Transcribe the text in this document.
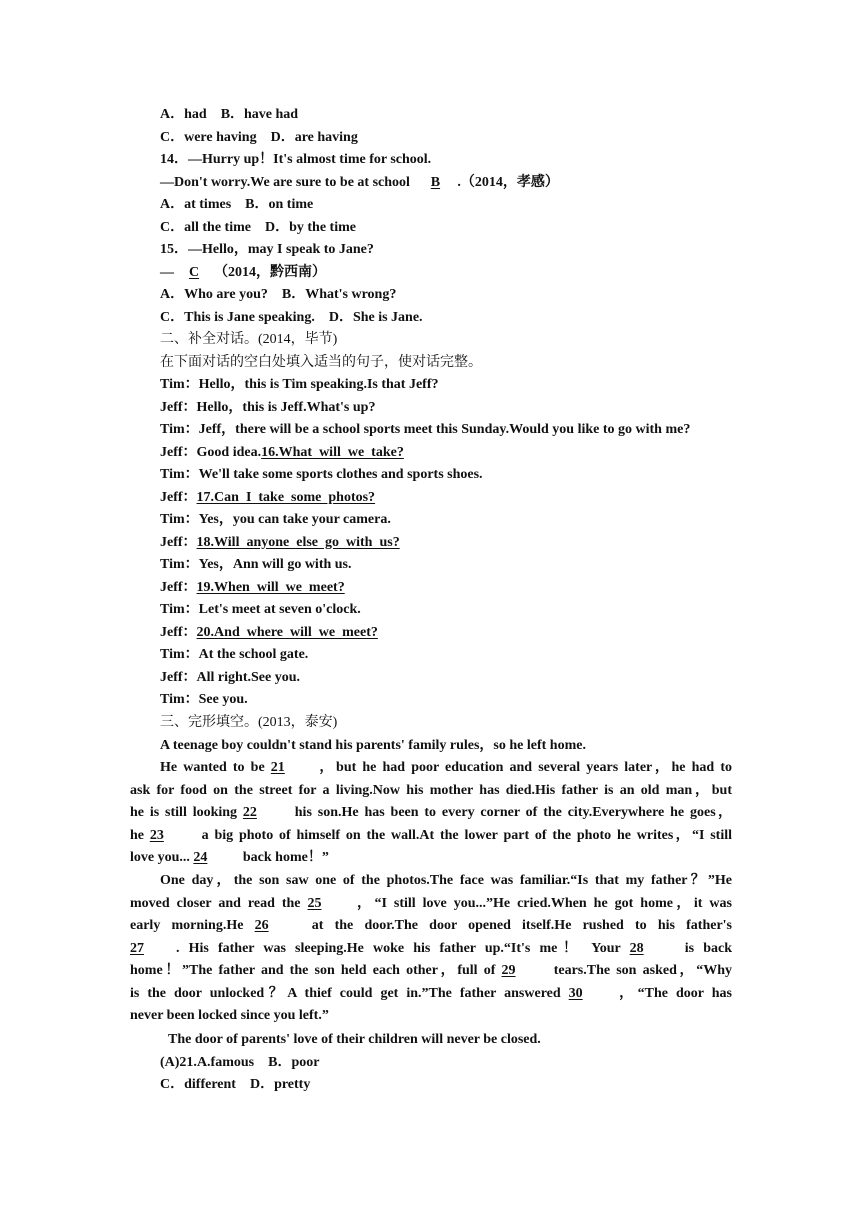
A．had B．have had
C．were having D．are having
14．—Hurry up！It's almost time for school.
—Don't worry.We are sure to be at school B .（2014，孝感）
A．at times B．on time
C．all the time D．by the time
15．—Hello，may I speak to Jane?
— C （2014，黔西南）
A．Who are you? B．What's wrong?
C．This is Jane speaking. D．She is Jane.
二、补全对话。(2014，毕节)
在下面对话的空白处填入适当的句子，使对话完整。
Tim：Hello，this is Tim speaking.Is that Jeff?
Jeff：Hello，this is Jeff.What's up?
Tim：Jeff，there will be a school sports meet this Sunday.Would you like to go with me?
Jeff：Good idea.16.What  will  we  take?
Tim：We'll take some sports clothes and sports shoes.
Jeff：17.Can  I  take  some  photos?
Tim：Yes，you can take your camera.
Jeff：18.Will  anyone  else  go  with  us?
Tim：Yes，Ann will go with us.
Jeff：19.When  will  we  meet?
Tim：Let's meet at seven o'clock.
Jeff：20.And  where  will  we  meet?
Tim：At the school gate.
Jeff：All right.See you.
Tim：See you.
三、完形填空。(2013，泰安)
A teenage boy couldn't stand his parents' family rules，so he left home.
He wanted to be 21 ，but he had poor education and several years later，he had to
ask for food on the street for a living.Now his mother has died.His father is an old man，but
he is still looking 22 his son.He has been to every corner of the city.Everywhere he goes，
he 23 a big photo of himself on the wall.At the lower part of the photo he writes，“I still
love you... 24 back home！”
One day，the son saw one of the photos.The face was familiar.“Is that my father？”He
moved closer and read the 25 ，“I still love you...”He cried.When he got home，it was
early morning.He 26 at the door.The door opened itself.He rushed to his father's
27 . His father was sleeping.He woke his father up.“It's me！ Your 28 is back
home！”The father and the son held each other，full of 29 tears.The son asked，“Why
is the door unlocked？A thief could get in.”The father answered 30 ，“The door has
never been locked since you left.”
The door of parents' love of their children will never be closed.
(A)21.A.famous B．poor
C．different D．pretty
